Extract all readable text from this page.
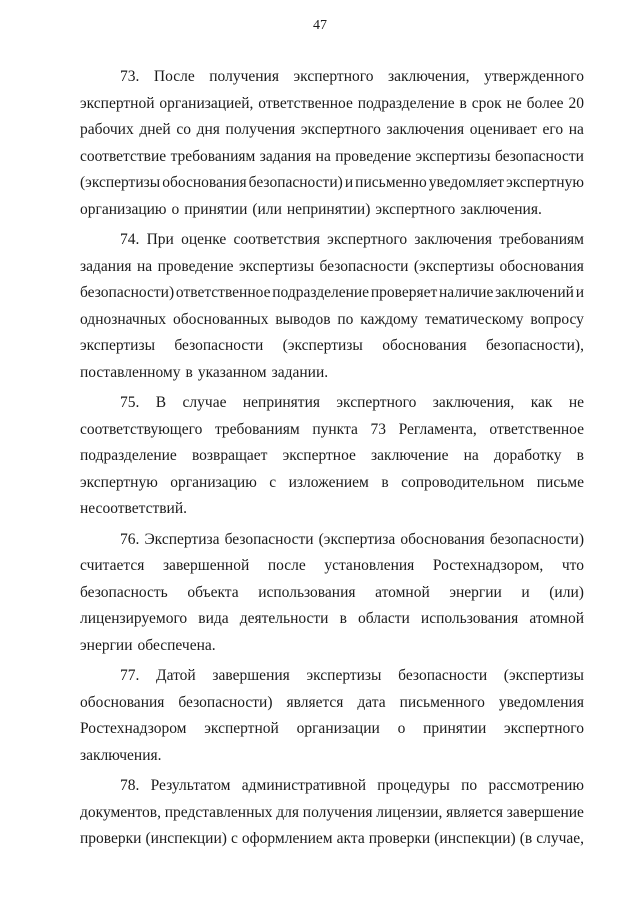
47
73. После получения экспертного заключения, утвержденного
экспертной организацией, ответственное подразделение в срок не более 20
рабочих дней со дня получения экспертного заключения оценивает его на
соответствие требованиям задания на проведение экспертизы безопасности
(экспертизы обоснования безопасности) и письменно уведомляет экспертную
организацию о принятии (или непринятии) экспертного заключения.
74. При оценке соответствия экспертного заключения требованиям
задания на проведение экспертизы безопасности (экспертизы обоснования
безопасности) ответственное подразделение проверяет наличие заключений и
однозначных обоснованных выводов по каждому тематическому вопросу
экспертизы безопасности (экспертизы обоснования безопасности),
поставленному в указанном задании.
75. В случае непринятия экспертного заключения, как не
соответствующего требованиям пункта 73 Регламента, ответственное
подразделение возвращает экспертное заключение на доработку в
экспертную организацию с изложением в сопроводительном письме
несоответствий.
76. Экспертиза безопасности (экспертиза обоснования безопасности)
считается завершенной после установления Ростехнадзором, что
безопасность объекта использования атомной энергии и (или)
лицензируемого вида деятельности в области использования атомной
энергии обеспечена.
77. Датой завершения экспертизы безопасности (экспертизы
обоснования безопасности) является дата письменного уведомления
Ростехнадзором экспертной организации о принятии экспертного
заключения.
78. Результатом административной процедуры по рассмотрению
документов, представленных для получения лицензии, является завершение
проверки (инспекции) с оформлением акта проверки (инспекции) (в случае,
